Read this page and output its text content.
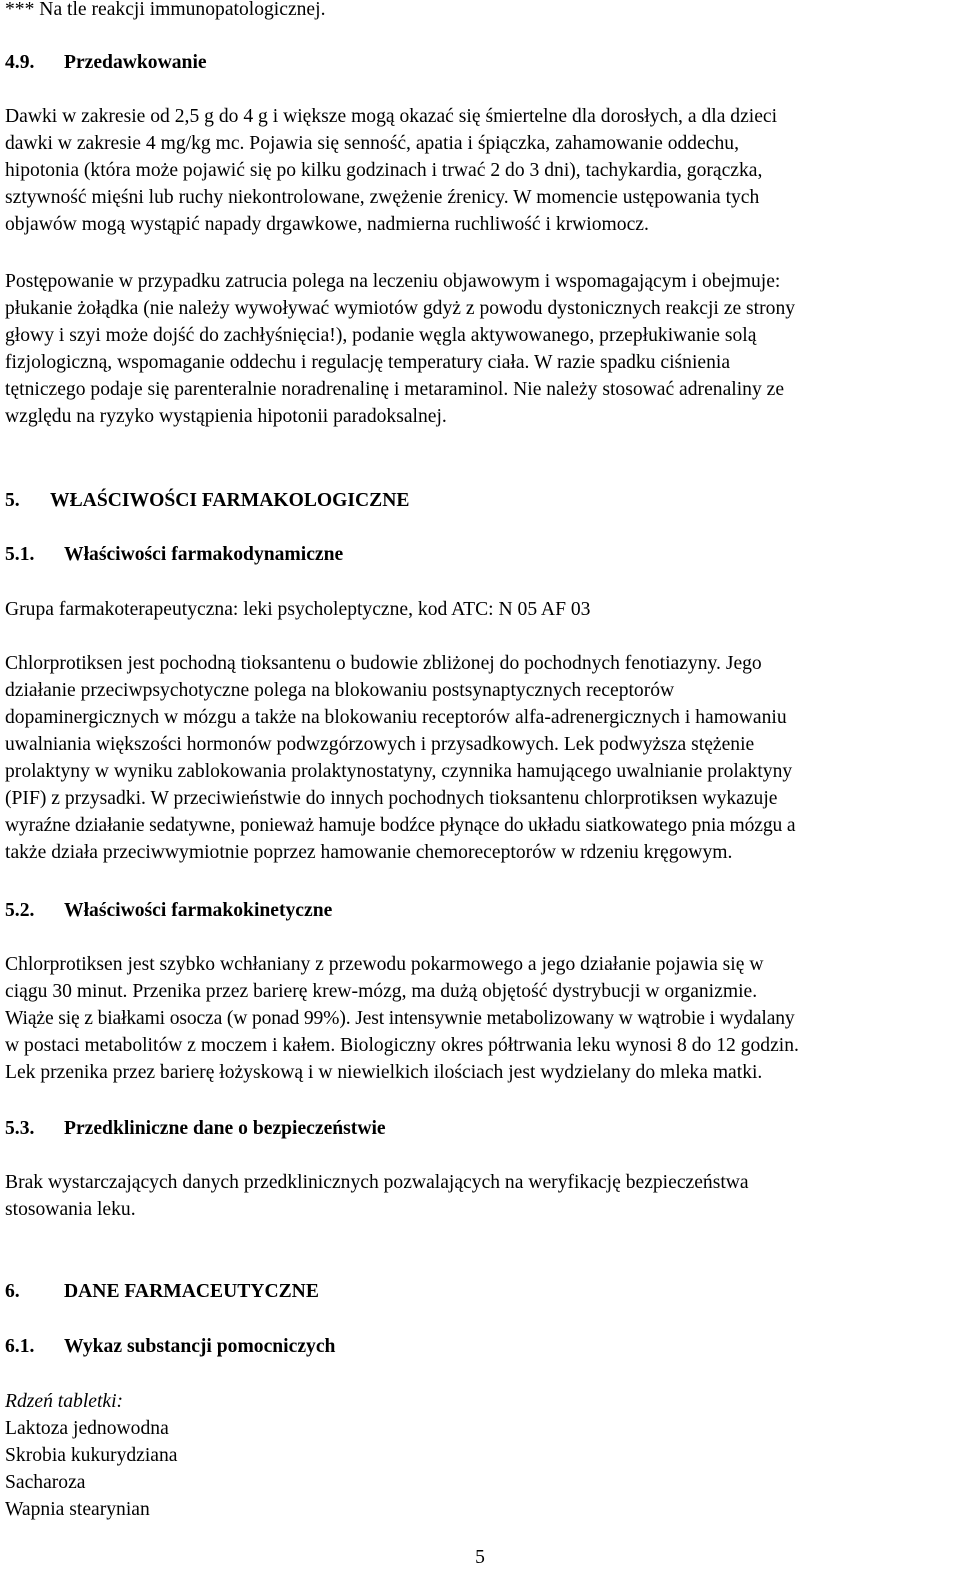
*** Na tle reakcji immunopatologicznej.

4.9. Przedawkowanie

Dawki w zakresie od 2,5 g do 4 g i większe mogą okazać się śmiertelne dla dorosłych, a dla dzieci
dawki w zakresie 4 mg/kg mc. Pojawia się senność, apatia i śpiączka, zahamowanie oddechu,
hipotonia (która może pojawić się po kilku godzinach i trwać 2 do 3 dni), tachykardia, gorączka,
sztywność mięśni lub ruchy niekontrolowane, zwężenie źrenicy. W momencie ustępowania tych
objawów mogą wystąpić napady drgawkowe, nadmierna ruchliwość i krwiomocz.

Postępowanie w przypadku zatrucia polega na leczeniu objawowym i wspomagającym i obejmuje:
płukanie żołądka (nie należy wywoływać wymiotów gdyż z powodu dystonicznych reakcji ze strony
głowy i szyi może dojść do zachłyśnięcia!), podanie węgla aktywowanego, przepłukiwanie solą
fizjologiczną, wspomaganie oddechu i regulację temperatury ciała. W razie spadku ciśnienia
tętniczego podaje się parenteralnie noradrenalinę i metaraminol. Nie należy stosować adrenaliny ze
względu na ryzyko wystąpienia hipotonii paradoksalnej.

5. WŁAŚCIWOŚCI FARMAKOLOGICZNE
5.1. Właściwości farmakodynamiczne

Grupa farmakoterapeutyczna: leki psycholeptyczne, kod ATC: N 05 AF 03

Chlorprotiksen jest pochodną tioksantenu o budowie zbliżonej do pochodnych fenotiazyny. Jego
działanie przeciwpsychotyczne polega na blokowaniu postsynaptycznych receptorów
dopaminergicznych w mózgu a także na blokowaniu receptorów alfa-adrenergicznych i hamowaniu
uwalniania większości hormonów podwzgórzowych i przysadkowych. Lek podwyższa stężenie
prolaktyny w wyniku zablokowania prolaktynostatyny, czynnika hamującego uwalnianie prolaktyny
(PIF) z przysadki. W przeciwieństwie do innych pochodnych tioksantenu chlorprotiksen wykazuje
wyraźne działanie sedatywne, ponieważ hamuje bodźce płynące do układu siatkowatego pnia mózgu a
także działa przeciwwymiotnie poprzez hamowanie chemoreceptorów w rdzeniu kręgowym.

5.2. Właściwości farmakokinetyczne

Chlorprotiksen jest szybko wchłaniany z przewodu pokarmowego a jego działanie pojawia się w
ciągu 30 minut. Przenika przez barierę krew-mózg, ma dużą objętość dystrybucji w organizmie.
Wiąże się z białkami osocza (w ponad 99%). Jest intensywnie metabolizowany w wątrobie i wydalany
w postaci metabolitów z moczem i kałem. Biologiczny okres półtrwania leku wynosi 8 do 12 godzin.
Lek przenika przez barierę łożyskową i w niewielkich ilościach jest wydzielany do mleka matki.

5.3. Przedkliniczne dane o bezpieczeństwie

Brak wystarczających danych przedklinicznych pozwalających na weryfikację bezpieczeństwa
stosowania leku.

6. DANE FARMACEUTYCZNE
6.1. Wykaz substancji pomocniczych
Rdzeń tabletki:
Laktoza jednowodna
Skrobia kukurydziana
Sacharoza
Wapnia stearynian
5
